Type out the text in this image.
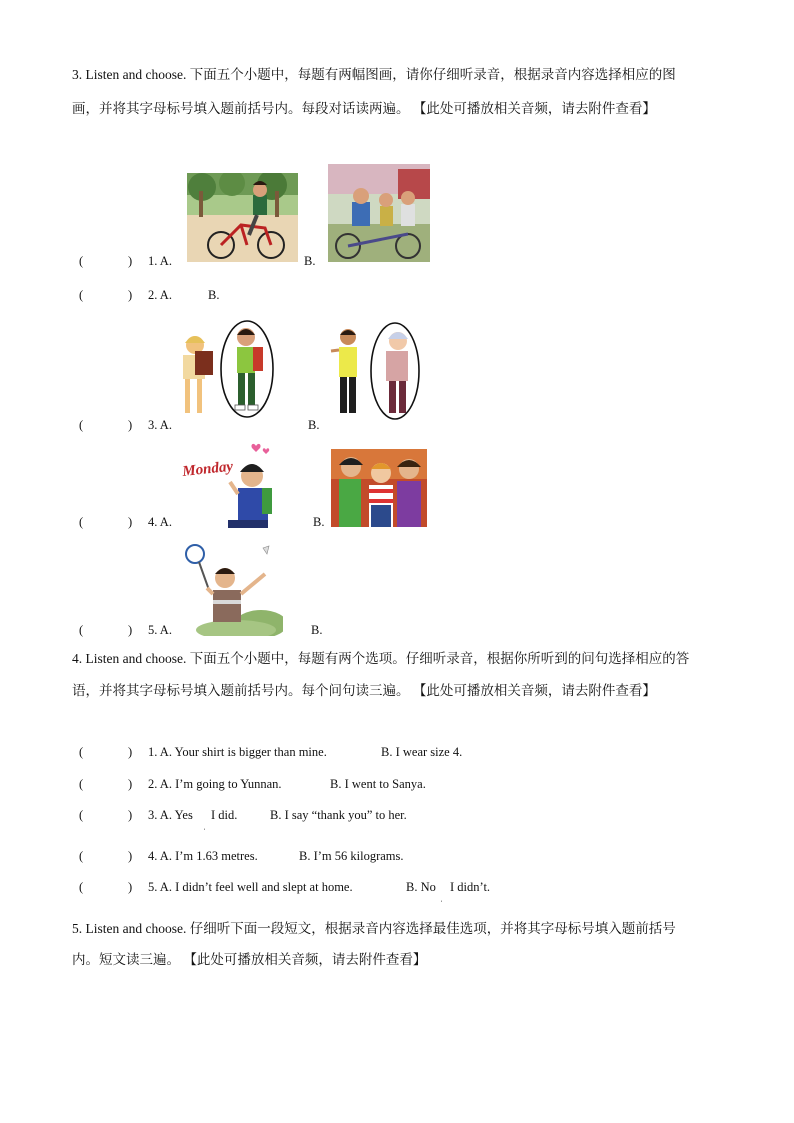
3. Listen and choose. 下面五个小题中，每题有两幅图画，请你仔细听录音，根据录音内容选择相应的图
画，并将其字母标号填入题前括号内。每段对话读两遍。 【此处可播放相关音频，请去附件查看】
(	) 1. A.	B.
(	) 2. A.	B.
(	) 3. A.	B.
Monday
(	) 4. A.	B.
(	) 5. A.	B.
4. Listen and choose. 下面五个小题中，每题有两个选项。仔细听录音，根据你所听到的问句选择相应的答
语，并将其字母标号填入题前括号内。每个问句读三遍。 【此处可播放相关音频，请去附件查看】
(	) 1. A. Your shirt is bigger than mine.	B. I wear size 4.
(	) 2. A. I’m going to Yunnan.	B. I went to Sanya.
(	) 3. A. Yes
ˌ
I did.	B. I say “thank you” to her.
(	) 4. A. I’m 1.63 metres.	B. I’m 56 kilograms.
(	) 5. A. I didn’t feel well and slept at home.	B. No
ˌ
I didn’t.
5. Listen and choose. 仔细听下面一段短文，根据录音内容选择最佳选项，并将其字母标号填入题前括号
内。短文读三遍。 【此处可播放相关音频，请去附件查看】
